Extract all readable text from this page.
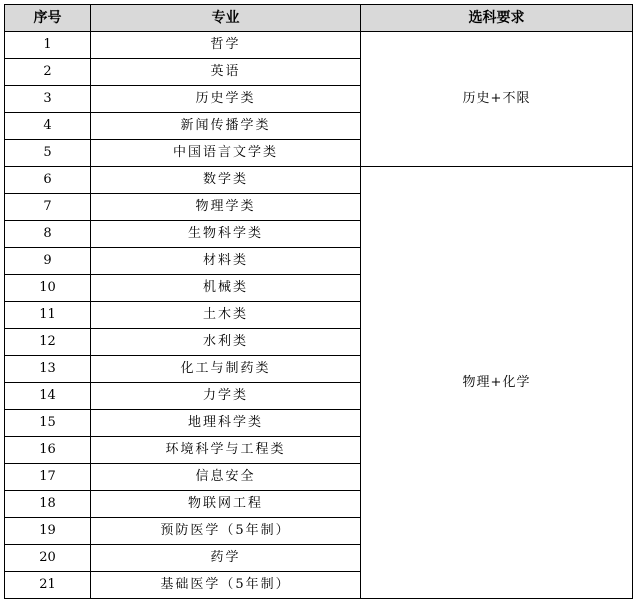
序号	专业	选科要求
1	哲学	历史+不限
2	英语	
3	历史学类	
4	新闻传播学类	
5	中国语言文学类	
6	数学类	物理+化学
7	物理学类	
8	生物科学类	
9	材料类	
10	机械类	
11	土木类	
12	水利类	
13	化工与制药类	
14	力学类	
15	地理科学类	
16	环境科学与工程类	
17	信息安全	
18	物联网工程	
19	预防医学（5年制）	
20	药学	
21	基础医学（5年制）	
